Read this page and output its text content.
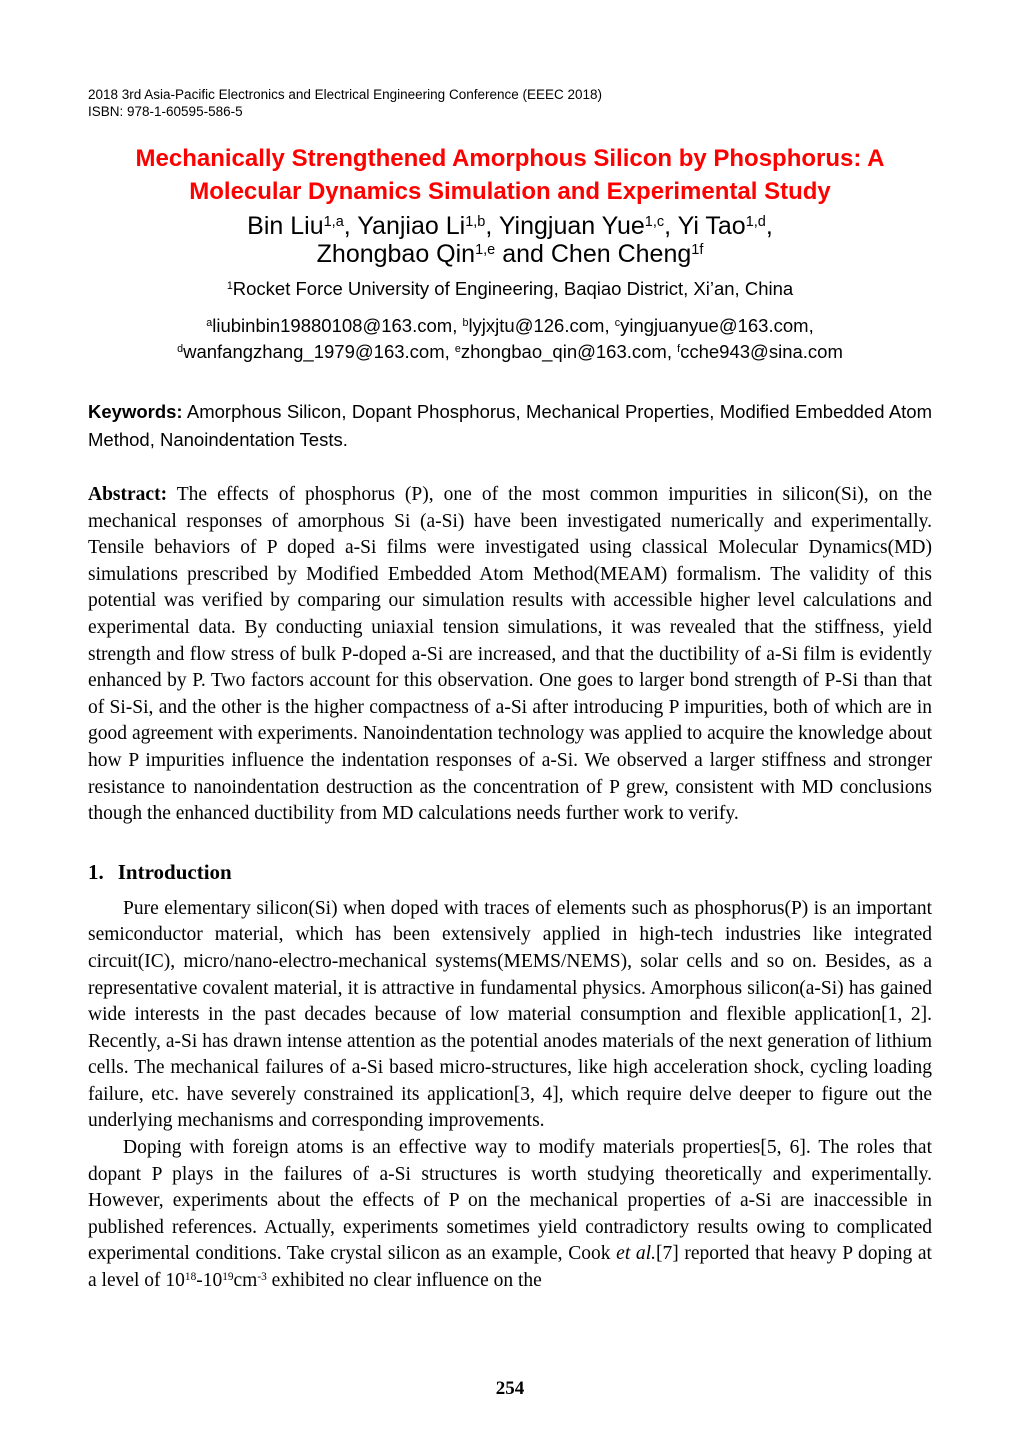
2018 3rd Asia-Pacific Electronics and Electrical Engineering Conference (EEEC 2018)
ISBN: 978-1-60595-586-5
Mechanically Strengthened Amorphous Silicon by Phosphorus: A
Molecular Dynamics Simulation and Experimental Study
Bin Liu$^{1,a}$, Yanjiao Li$^{1,b}$, Yingjuan Yue$^{1,c}$, Yi Tao$^{1,d}$,
Zhongbao Qin$^{1,e}$ and Chen Cheng$^{1f}$
$^1$Rocket Force University of Engineering, Baqiao District, Xi’an, China
$^a$liubinbin19880108@163.com, $^b$lyjxjtu@126.com, $^c$yingjuanyue@163.com,
$^d$wanfangzhang_1979@163.com, $^e$zhongbao_qin@163.com, $^f$cche943@sina.com

Keywords: Amorphous Silicon, Dopant Phosphorus, Mechanical Properties, Modified Embedded Atom Method, Nanoindentation Tests.

Abstract: The effects of phosphorus (P), one of the most common impurities in silicon(Si), on the mechanical responses of amorphous Si (a-Si) have been investigated numerically and experimentally. Tensile behaviors of P doped a-Si films were investigated using classical Molecular Dynamics(MD) simulations prescribed by Modified Embedded Atom Method(MEAM) formalism. The validity of this potential was verified by comparing our simulation results with accessible higher level calculations and experimental data. By conducting uniaxial tension simulations, it was revealed that the stiffness, yield strength and flow stress of bulk P-doped a-Si are increased, and that the ductibility of a-Si film is evidently enhanced by P. Two factors account for this observation. One goes to larger bond strength of P-Si than that of Si-Si, and the other is the higher compactness of a-Si after introducing P impurities, both of which are in good agreement with experiments. Nanoindentation technology was applied to acquire the knowledge about how P impurities influence the indentation responses of a-Si. We observed a larger stiffness and stronger resistance to nanoindentation destruction as the concentration of P grew, consistent with MD conclusions though the enhanced ductibility from MD calculations needs further work to verify.

1. Introduction

Pure elementary silicon(Si) when doped with traces of elements such as phosphorus(P) is an important semiconductor material, which has been extensively applied in high-tech industries like integrated circuit(IC), micro/nano-electro-mechanical systems(MEMS/NEMS), solar cells and so on. Besides, as a representative covalent material, it is attractive in fundamental physics. Amorphous silicon(a-Si) has gained wide interests in the past decades because of low material consumption and flexible application[1, 2]. Recently, a-Si has drawn intense attention as the potential anodes materials of the next generation of lithium cells. The mechanical failures of a-Si based micro-structures, like high acceleration shock, cycling loading failure, etc. have severely constrained its application[3, 4], which require delve deeper to figure out the underlying mechanisms and corresponding improvements.

Doping with foreign atoms is an effective way to modify materials properties[5, 6]. The roles that dopant P plays in the failures of a-Si structures is worth studying theoretically and experimentally. However, experiments about the effects of P on the mechanical properties of a-Si are inaccessible in published references. Actually, experiments sometimes yield contradictory results owing to complicated experimental conditions. Take crystal silicon as an example, Cook et al.[7] reported that heavy P doping at a level of $10^{18}-10^{19}cm^{-3}$ exhibited no clear influence on the

254
